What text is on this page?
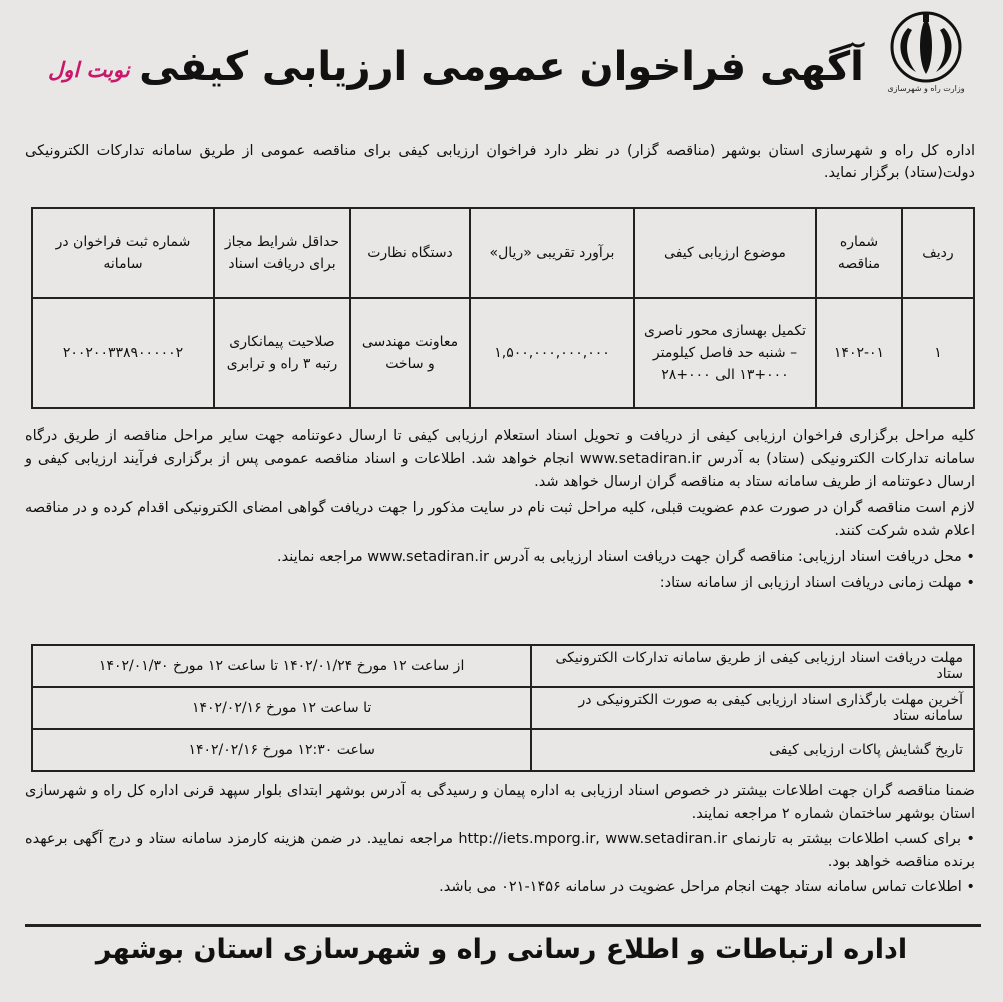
وزارت راه و شهرسازی
آگهی فراخوان عمومی ارزیابی کیفی
نوبت اول
اداره کل راه و شهرسازی استان بوشهر (مناقصه گزار) در نظر دارد فراخوان ارزیابی کیفی برای مناقصه عمومی از طریق سامانه تدارکات الکترونیکی دولت(ستاد) برگزار نماید.
ردیف	شماره مناقصه	موضوع ارزیابی کیفی	برآورد تقریبی «ریال»	دستگاه نظارت	حداقل شرایط مجاز برای دریافت اسناد	شماره ثبت فراخوان در سامانه
۱	۱۴۰۲-۰۱	تکمیل بهسازی محور ناصری – شنبه حد فاصل کیلومتر ۰۰۰+۱۳ الی ۰۰۰+۲۸	۱,۵۰۰,۰۰۰,۰۰۰,۰۰۰	معاونت مهندسی و ساخت	صلاحیت پیمانکاری رتبه ۳ راه و ترابری	۲۰۰۲۰۰۳۳۸۹۰۰۰۰۰۲

کلیه مراحل برگزاری فراخوان ارزیابی کیفی از دریافت و تحویل اسناد استعلام ارزیابی کیفی تا ارسال دعوتنامه جهت سایر مراحل مناقصه از طریق درگاه سامانه تدارکات الکترونیکی (ستاد) به آدرس www.setadiran.ir انجام خواهد شد. اطلاعات و اسناد مناقصه عمومی پس از برگزاری فرآیند ارزیابی کیفی و ارسال دعوتنامه از طریف سامانه ستاد به مناقصه گران ارسال خواهد شد.

لازم است مناقصه گران در صورت عدم عضویت قبلی، کلیه مراحل ثبت نام در سایت مذکور را جهت دریافت گواهی امضای الکترونیکی اقدام کرده و در مناقصه اعلام شده شرکت کنند.

• محل دریافت اسناد ارزیابی: مناقصه گران جهت دریافت اسناد ارزیابی به آدرس www.setadiran.ir مراجعه نمایند.

• مهلت زمانی دریافت اسناد ارزیابی از سامانه ستاد:

مهلت دریافت اسناد ارزیابی کیفی از طریق سامانه تدارکات الکترونیکی ستاد	از ساعت ۱۲ مورخ ۱۴۰۲/۰۱/۲۴ تا ساعت ۱۲ مورخ ۱۴۰۲/۰۱/۳۰
آخرین مهلت بارگذاری اسناد ارزیابی کیفی به صورت الکترونیکی در سامانه ستاد	تا ساعت ۱۲ مورخ ۱۴۰۲/۰۲/۱۶
تاریخ گشایش پاکات ارزیابی کیفی	ساعت ۱۲:۳۰ مورخ ۱۴۰۲/۰۲/۱۶

ضمنا مناقصه گران جهت اطلاعات بیشتر در خصوص اسناد ارزیابی به اداره پیمان و رسیدگی به آدرس بوشهر ابتدای بلوار سپهد قرنی اداره کل راه و شهرسازی استان بوشهر ساختمان شماره ۲ مراجعه نمایند.

• برای کسب اطلاعات بیشتر به تارنمای http://iets.mporg.ir, www.setadiran.ir مراجعه نمایید. در ضمن هزینه کارمزد سامانه ستاد و درج آگهی برعهده برنده مناقصه خواهد بود.

• اطلاعات تماس سامانه ستاد جهت انجام مراحل عضویت در سامانه ۱۴۵۶-۰۲۱ می باشد.

اداره ارتباطات و اطلاع رسانی راه و شهرسازی استان بوشهر
